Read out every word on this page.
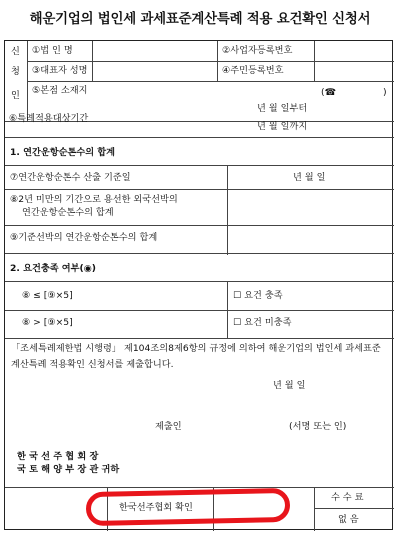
해운기업의 법인세 과세표준계산특례 적용 요건확인 신청서
신
청
인
①법 인 명	②사업자등록번호
③대표자 성명	④주민등록번호
⑤본점 소재지	(☎	)
⑥특례적용대상기간
년 월 일부터
년 월 일까지
1. 연간운항순톤수의 합계
⑦연간운항순톤수 산출 기준일	년 월 일
⑧2년 미만의 기간으로 용선한 외국선박의
연간운항순톤수의 합계
⑨기준선박의 연간운항순톤수의 합계
2. 요건충족 여부(◉)
⑧ ≤ [⑨×5]	☐ 요건 충족
⑧ > [⑨×5]	☐ 요건 미충족
「조세특례제한법 시행령」 제104조의8제6항의 규정에 의하여 해운기업의 법인세 과세표준계산특례 적용확인 신청서를 제출합니다.
년 월 일
제출인	(서명 또는 인)
한 국 선 주 협 회 장
국 토 해 양 부 장 관 귀하
한국선주협회 확인
수 수 료
없 음
